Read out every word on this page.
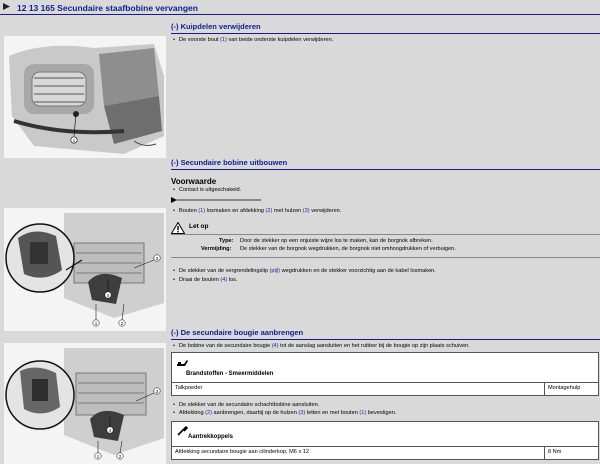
12 13 165 Secundaire staafbobine vervangen
1
1	2
3
4
1	2
3
4
(-) Kuipdelen verwijderen
• De voorste bout (1) van beide onderste kuipdelen verwijderen.
(-) Secundaire bobine uitbouwen
Voorwaarde
• Contact is uitgeschakeld.
• Bouten (1) losmaken en afdekking (2) met hulzen (3) verwijderen.
Let op
Type: Door de stekker op een onjuiste wijze los te maken, kan de borgnok afbreken.
Vermijding: De stekker van de borgnok wegdrukken, de borgnok niet omhoogdrukken of verbuigen.
• De stekker van de vergrendelingslip (pijl) wegdrukken en de stekker voorzichtig aan de kabel losmaken.
• Draai de bouten (4) los.
(-) De secundaire bougie aanbrengen
• De bobine van de secundaire bougie (4) tot de aanslag aansluiten en het rubber bij de bougie op zijn plaats schuiven.
Brandstoffen - Smeermiddelen
Talkpoeder	Montagehulp
• De stekker van de secundaire schachtbobine aansluiten.
• Afdekking (2) aanbrengen, daarbij op de hulzen (3) letten en met bouten (1) bevestigen.
Aantrekkoppels
Afdekking secundaire bougie aan cilinderkop, M6 x 12	8 Nm
